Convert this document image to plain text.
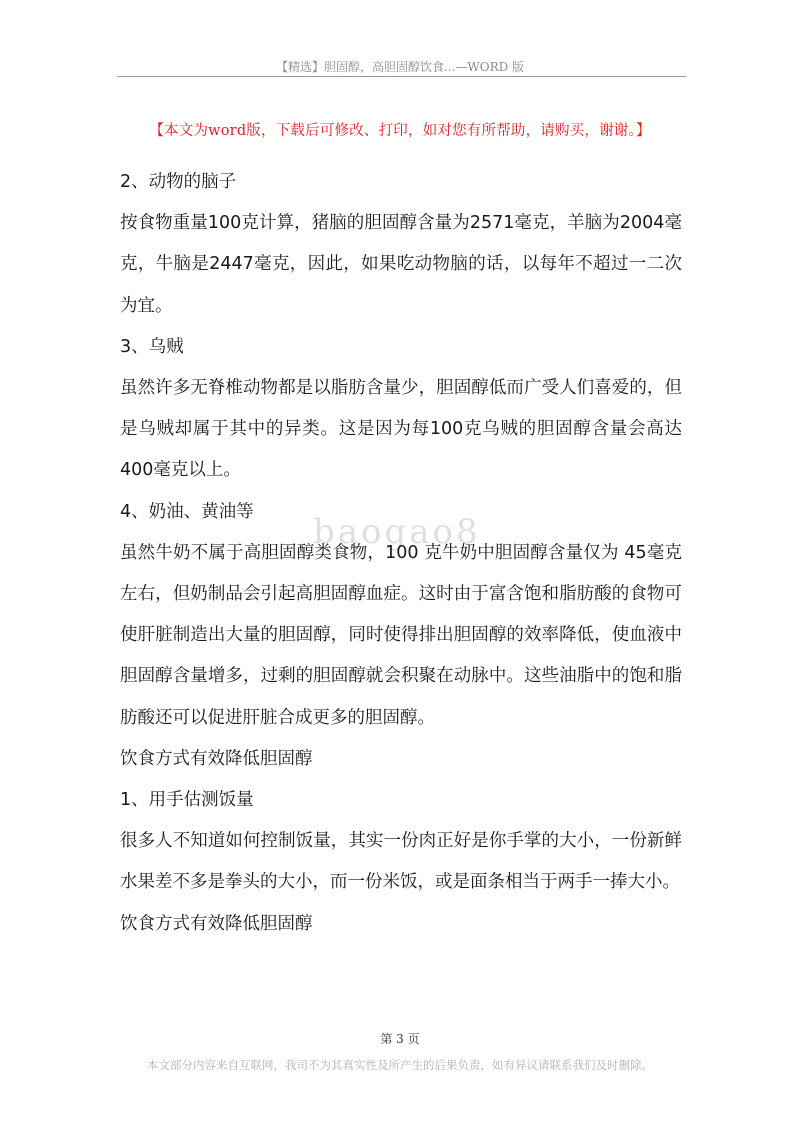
【精选】胆固醇，高胆固醇饮食...—WORD 版
【本文为word版，下载后可修改、打印，如对您有所帮助，请购买，谢谢。】
baogao8

2、动物的脑子

按食物重量100克计算，猪脑的胆固醇含量为2571毫克，羊脑为2004毫克，牛脑是2447毫克，因此，如果吃动物脑的话，以每年不超过一二次为宜。

3、乌贼

虽然许多无脊椎动物都是以脂肪含量少，胆固醇低而广受人们喜爱的，但是乌贼却属于其中的异类。这是因为每100克乌贼的胆固醇含量会高达400毫克以上。

4、奶油、黄油等

虽然牛奶不属于高胆固醇类食物，100 克牛奶中胆固醇含量仅为 45毫克左右，但奶制品会引起高胆固醇血症。这时由于富含饱和脂肪酸的食物可使肝脏制造出大量的胆固醇，同时使得排出胆固醇的效率降低，使血液中胆固醇含量增多，过剩的胆固醇就会积聚在动脉中。这些油脂中的饱和脂肪酸还可以促进肝脏合成更多的胆固醇。

饮食方式有效降低胆固醇

1、用手估测饭量

很多人不知道如何控制饭量，其实一份肉正好是你手掌的大小，一份新鲜水果差不多是拳头的大小，而一份米饭，或是面条相当于两手一捧大小。

饮食方式有效降低胆固醇

第 3 页
本文部分内容来自互联网，我司不为其真实性及所产生的后果负责，如有异议请联系我们及时删除。
